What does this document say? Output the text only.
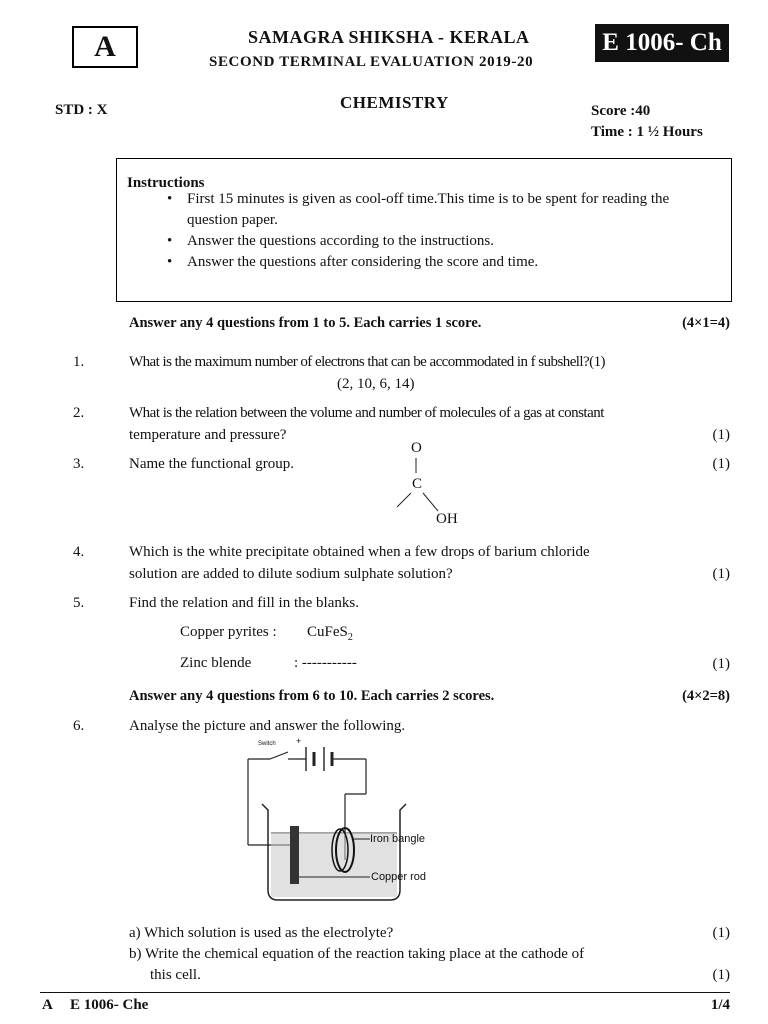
A	SAMAGRA SHIKSHA - KERALA
SECOND TERMINAL EVALUATION 2019-20
E 1006- Ch
STD : X	CHEMISTRY	Score :40
Time : 1 ½ Hours
Instructions
• First 15 minutes is given as cool-off time.This time is to be spent for reading the question paper.
• Answer the questions according to the instructions.
• Answer the questions after considering the score and time.
Answer any 4 questions from 1 to 5. Each carries 1 score.	(4×1=4)
1.	What is the maximum number of electrons that can be accommodated in f subshell?(1)
(2, 10, 6, 14)
2.	What is the relation between the volume and number of molecules of a gas at constant
temperature and pressure?	(1)
3.	Name the functional group.	(1)
O
C
OH
4.	Which is the white precipitate obtained when a few drops of barium chloride
solution are added to dilute sodium sulphate solution?	(1)
5.	Find the relation and fill in the blanks.
Copper pyrites : CuFeS$_2$
Zinc blende	: -----------	(1)
Answer any 4 questions from 6 to 10. Each carries 2 scores.	(4×2=8)
6.	Analyse the picture and answer the following.
Switch +
Iron bangle
Copper rod
a) Which solution is used as the electrolyte?	(1)
b) Write the chemical equation of the reaction taking place at the cathode of
this cell.	(1)
A E 1006- Che	1/4
